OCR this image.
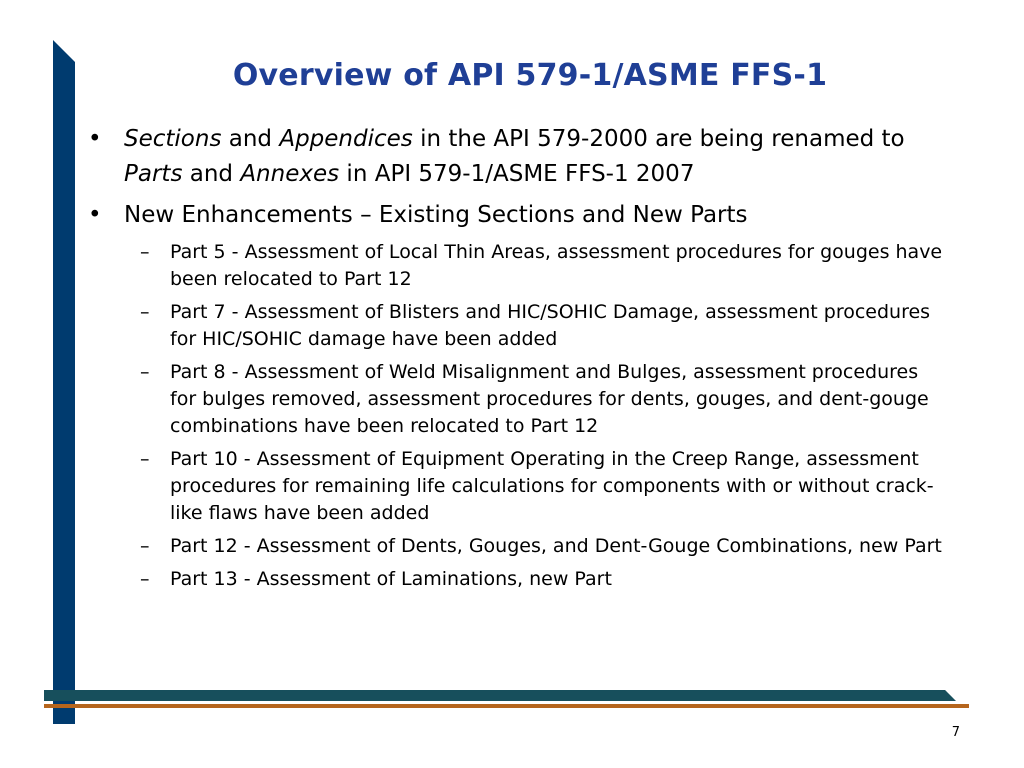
Overview of API 579-1/ASME FFS-1
• Sections and Appendices in the API 579-2000 are being renamed to Parts and Annexes in API 579-1/ASME FFS-1 2007
• New Enhancements – Existing Sections and New Parts
– Part 5 - Assessment of Local Thin Areas, assessment procedures for gouges have been relocated to Part 12
– Part 7 - Assessment of Blisters and HIC/SOHIC Damage, assessment procedures for HIC/SOHIC damage have been added
– Part 8 - Assessment of Weld Misalignment and Bulges, assessment procedures for bulges removed, assessment procedures for dents, gouges, and dent-gouge combinations have been relocated to Part 12
– Part 10 - Assessment of Equipment Operating in the Creep Range, assessment procedures for remaining life calculations for components with or without crack-like flaws have been added
– Part 12 - Assessment of Dents, Gouges, and Dent-Gouge Combinations, new Part
– Part 13 - Assessment of Laminations, new Part
7
